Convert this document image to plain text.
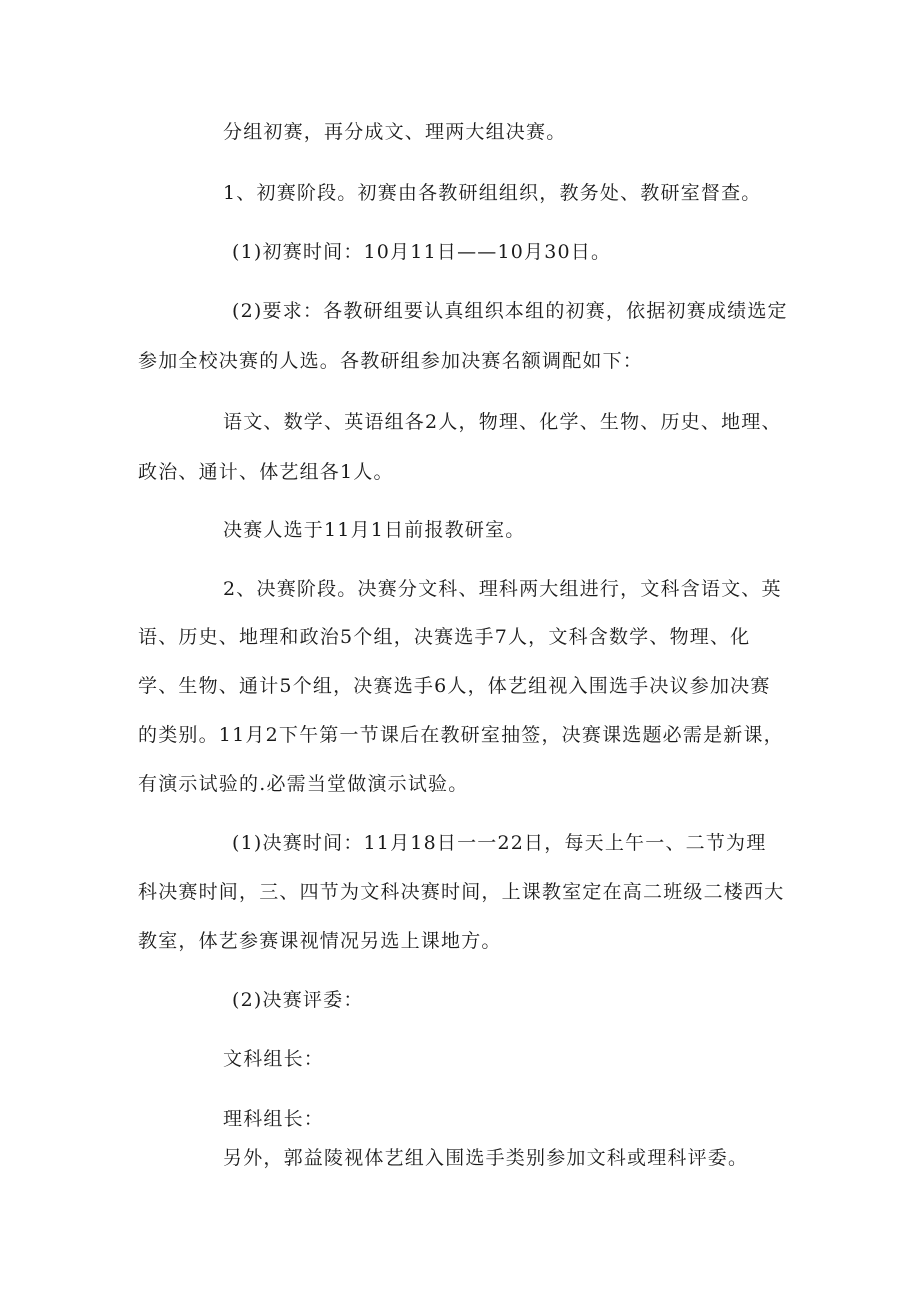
分组初赛，再分成文、理两大组决赛。
1、初赛阶段。初赛由各教研组组织，教务处、教研室督查。
(1)初赛时间：10月11日——10月30日。
(2)要求：各教研组要认真组织本组的初赛，依据初赛成绩选定
参加全校决赛的人选。各教研组参加决赛名额调配如下：
语文、数学、英语组各2人，物理、化学、生物、历史、地理、
政治、通计、体艺组各1人。
决赛人选于11月1日前报教研室。
2、决赛阶段。决赛分文科、理科两大组进行，文科含语文、英
语、历史、地理和政治5个组，决赛选手7人，文科含数学、物理、化
学、生物、通计5个组，决赛选手6人，体艺组视入围选手决议参加决赛
的类别。11月2下午第一节课后在教研室抽签，决赛课选题必需是新课，
有演示试验的.必需当堂做演示试验。
(1)决赛时间：11月18日一一22日，每天上午一、二节为理
科决赛时间，三、四节为文科决赛时间，上课教室定在高二班级二楼西大
教室，体艺参赛课视情况另选上课地方。
(2)决赛评委：
文科组长：
理科组长：
另外，郭益陵视体艺组入围选手类别参加文科或理科评委。
